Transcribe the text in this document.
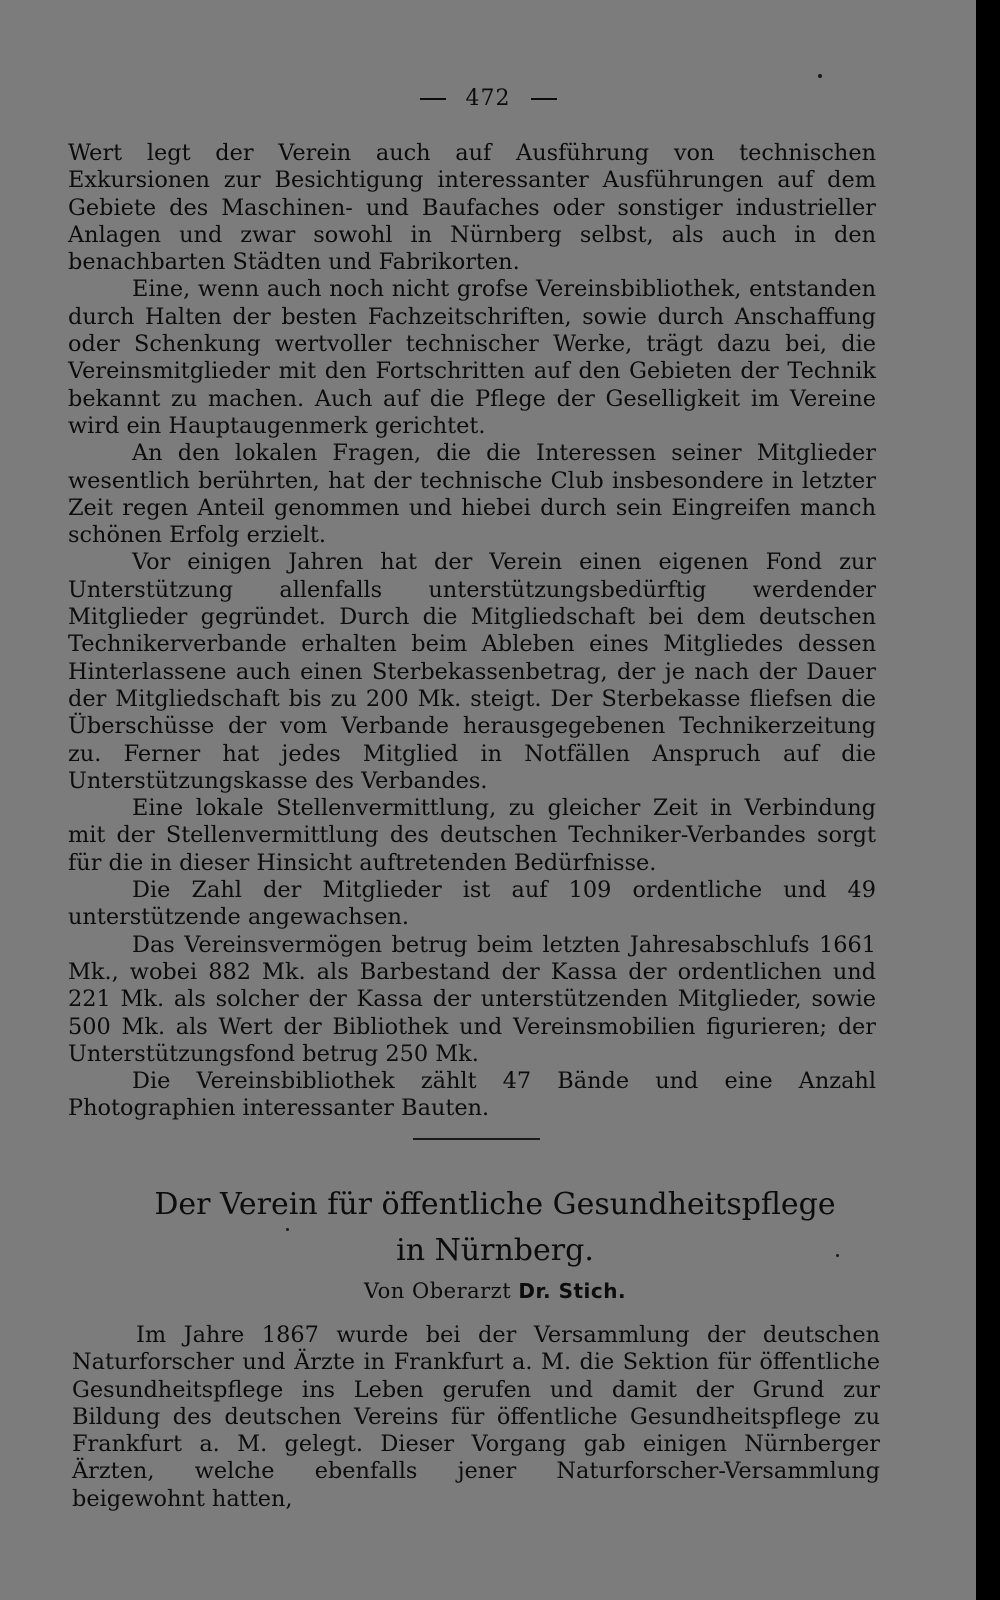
472

Wert legt der Verein auch auf Ausführung von technischen Exkursionen zur Besichtigung interessanter Ausführungen auf dem Gebiete des Maschinen- und Baufaches oder sonstiger industrieller Anlagen und zwar sowohl in Nürnberg selbst, als auch in den benachbarten Städten und Fabrikorten.

Eine, wenn auch noch nicht grofse Vereinsbibliothek, entstanden durch Halten der besten Fachzeitschriften, sowie durch Anschaffung oder Schenkung wertvoller technischer Werke, trägt dazu bei, die Vereinsmitglieder mit den Fortschritten auf den Gebieten der Technik bekannt zu machen. Auch auf die Pflege der Geselligkeit im Vereine wird ein Hauptaugenmerk gerichtet.

An den lokalen Fragen, die die Interessen seiner Mitglieder wesentlich berührten, hat der technische Club insbesondere in letzter Zeit regen Anteil genommen und hiebei durch sein Eingreifen manch schönen Erfolg erzielt.

Vor einigen Jahren hat der Verein einen eigenen Fond zur Unterstützung allenfalls unterstützungsbedürftig werdender Mitglieder gegründet. Durch die Mitgliedschaft bei dem deutschen Technikerverbande erhalten beim Ableben eines Mitgliedes dessen Hinterlassene auch einen Sterbekassenbetrag, der je nach der Dauer der Mitgliedschaft bis zu 200 Mk. steigt. Der Sterbekasse fliefsen die Überschüsse der vom Verbande herausgegebenen Technikerzeitung zu. Ferner hat jedes Mitglied in Notfällen Anspruch auf die Unterstützungskasse des Verbandes.

Eine lokale Stellenvermittlung, zu gleicher Zeit in Verbindung mit der Stellenvermittlung des deutschen Techniker-Verbandes sorgt für die in dieser Hinsicht auftretenden Bedürfnisse.

Die Zahl der Mitglieder ist auf 109 ordentliche und 49 unterstützende angewachsen.

Das Vereinsvermögen betrug beim letzten Jahresabschlufs 1661 Mk., wobei 882 Mk. als Barbestand der Kassa der ordentlichen und 221 Mk. als solcher der Kassa der unterstützenden Mitglieder, sowie 500 Mk. als Wert der Bibliothek und Vereinsmobilien figurieren; der Unterstützungsfond betrug 250 Mk.

Die Vereinsbibliothek zählt 47 Bände und eine Anzahl Photographien interessanter Bauten.

Der Verein für öffentliche Gesundheitspflege
in Nürnberg.
Von Oberarzt Dr. Stich.

Im Jahre 1867 wurde bei der Versammlung der deutschen Naturforscher und Ärzte in Frankfurt a. M. die Sektion für öffentliche Gesundheitspflege ins Leben gerufen und damit der Grund zur Bildung des deutschen Vereins für öffentliche Gesundheitspflege zu Frankfurt a. M. gelegt. Dieser Vorgang gab einigen Nürnberger Ärzten, welche ebenfalls jener Naturforscher-Versammlung beigewohnt hatten,
